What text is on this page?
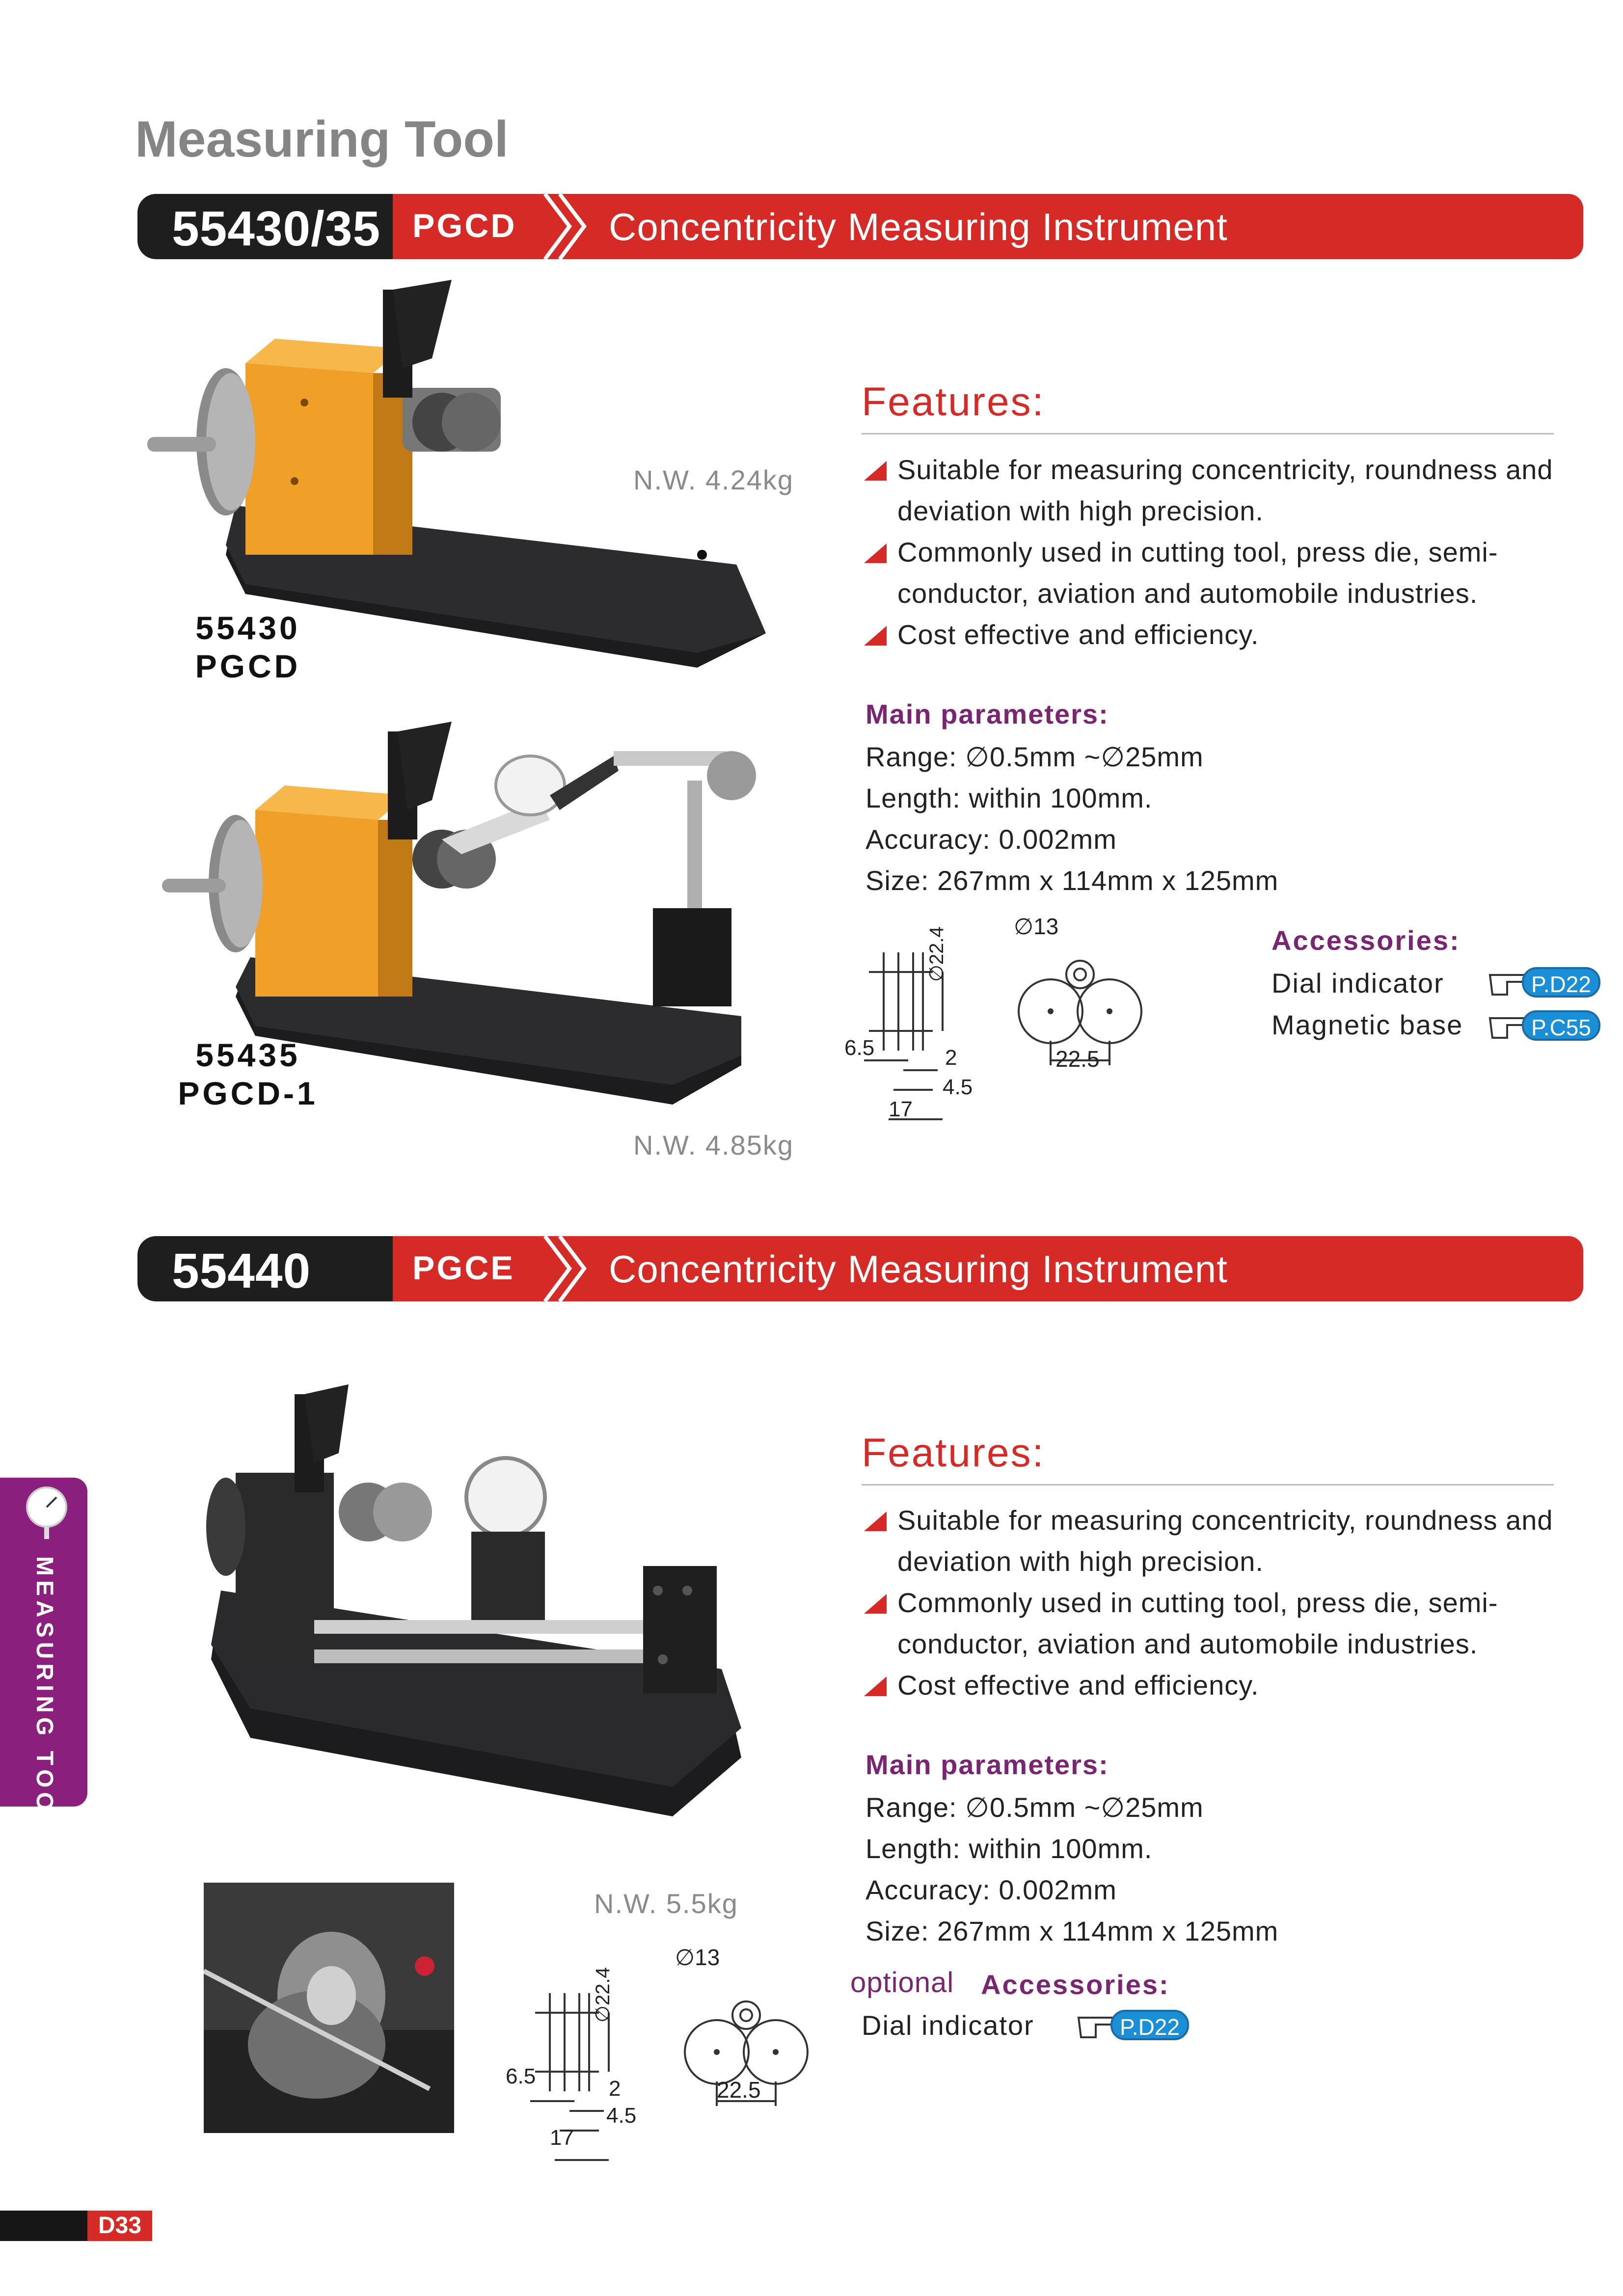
Measuring Tool
55430/35 PGCD Concentricity Measuring Instrument
55430
PGCD
N.W. 4.24kg
55435
PGCD-1
N.W. 4.85kg
Features:
Suitable for measuring concentricity, roundness and deviation with high precision.
Commonly used in cutting tool, press die, semi-conductor, aviation and automobile industries.
Cost effective and efficiency.
Main parameters:
Range: ∅0.5mm ~∅25mm
Length: within 100mm.
Accuracy: 0.002mm
Size: 267mm x 114mm x 125mm
∅13
∅22.4
6.5	2
4.5
17
22.5
Accessories:
Dial indicator	P.D22
Magnetic base	P.C55
55440	PGCE Concentricity Measuring Instrument
N.W. 5.5kg
Features:
Suitable for measuring concentricity, roundness and deviation with high precision.
Commonly used in cutting tool, press die, semi-conductor, aviation and automobile industries.
Cost effective and efficiency.
Main parameters:
Range: ∅0.5mm ~∅25mm
Length: within 100mm.
Accuracy: 0.002mm
Size: 267mm x 114mm x 125mm
∅13
∅22.4
6.5
2
4.5
17
22.5
optional Accessories:
Dial indicator	P.D22
MEASURING TOOL
D33
